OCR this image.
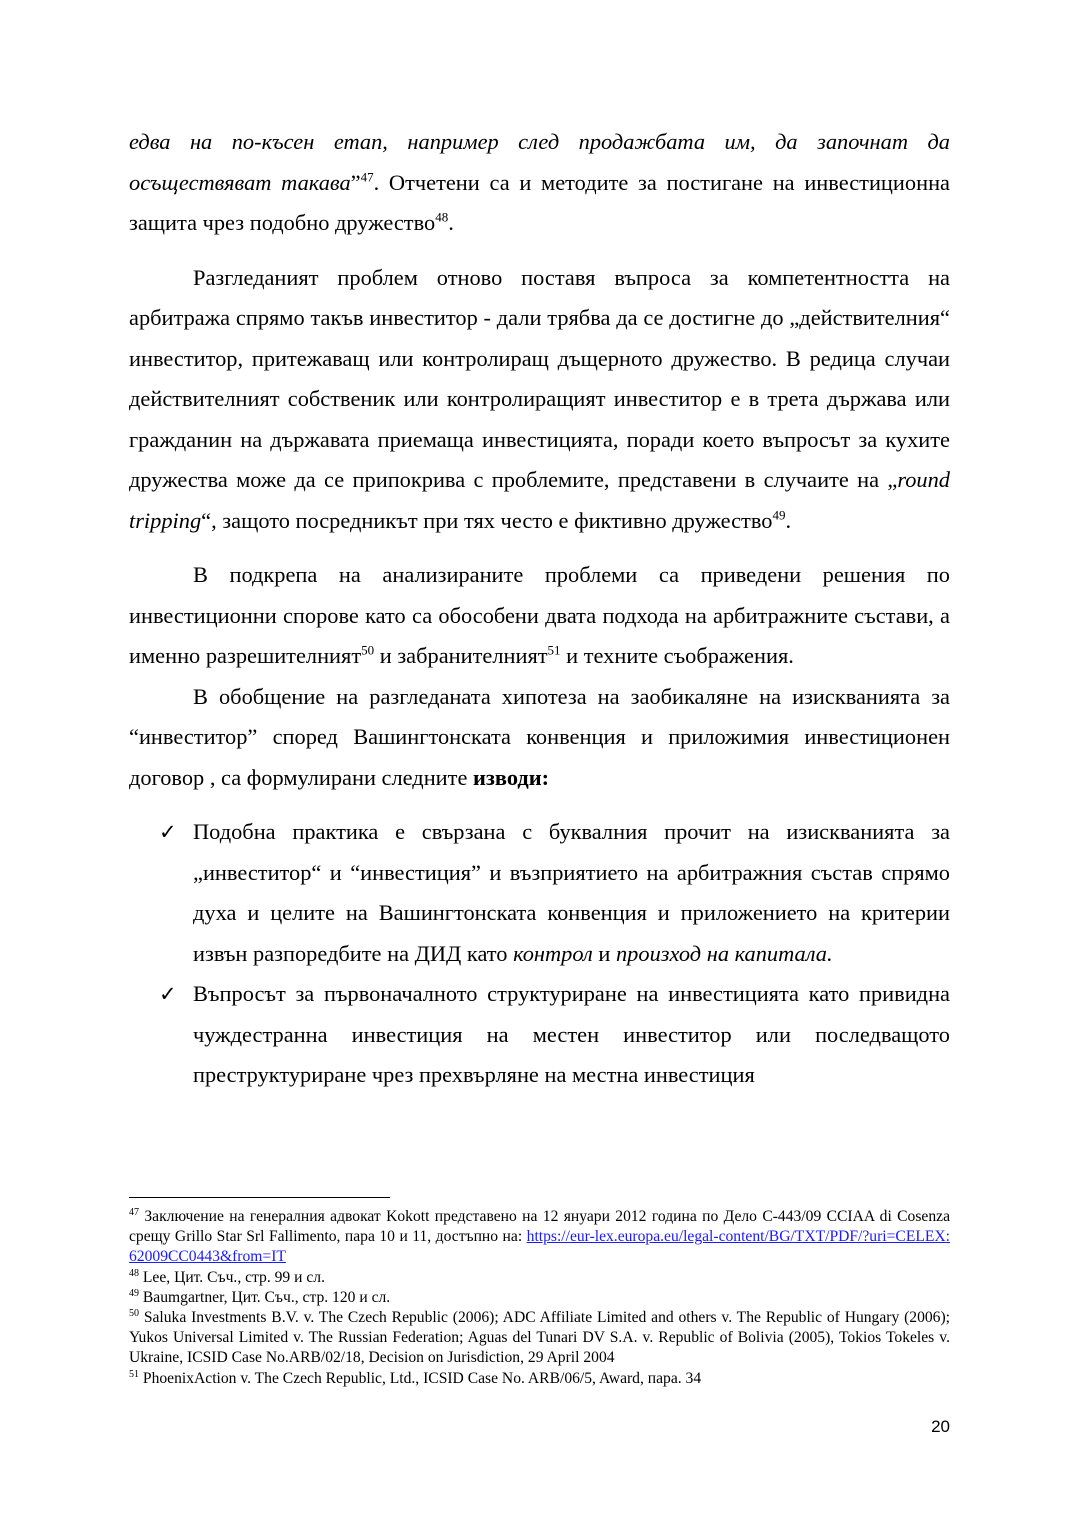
едва на по-късен етап, например след продажбата им, да започнат да осъществяват такава”$^{47}$. Отчетени са и методите за постигане на инвестиционна защита чрез подобно дружество$^{48}$.

Разгледаният проблем отново поставя въпроса за компетентността на арбитража спрямо такъв инвеститор - дали трябва да се достигне до „действителния“ инвеститор, притежаващ или контролиращ дъщерното дружество. В редица случаи действителният собственик или контролиращият инвеститор е в трета държава или гражданин на държавата приемаща инвестицията, поради което въпросът за кухите дружества може да се припокрива с проблемите, представени в случаите на „round tripping“, защото посредникът при тях често е фиктивно дружество$^{49}$.

В подкрепа на анализираните проблеми са приведени решения по инвестиционни спорове като са обособени двата подхода на арбитражните състави, а именно разрешителният$^{50}$ и забранителният$^{51}$ и техните съображения.

В обобщение на разгледаната хипотеза на заобикаляне на изискванията за “инвеститор” според Вашингтонската конвенция и приложимия инвестиционен договор , са формулирани следните изводи:

✓ Подобна практика е свързана с буквалния прочит на изискванията за „инвеститор“ и “инвестиция” и възприятието на арбитражния състав спрямо духа и целите на Вашингтонската конвенция и приложението на критерии извън разпоредбите на ДИД като контрол и произход на капитала.
✓ Въпросът за първоначалното структуриране на инвестицията като привидна чуждестранна инвестиция на местен инвеститор или последващото преструктуриране чрез прехвърляне на местна инвестиция

$^{47}$ Заключение на генералния адвокат Kokott представено на 12 януари 2012 година по Дело C-443/09 CCIAA di Cosenza срещу Grillo Star Srl Fallimento, пара 10 и 11, достъпно на: https://eur-lex.europa.eu/legal-content/BG/TXT/PDF/?uri=CELEX:62009CC0443&from=IT

$^{48}$ Lee, Цит. Съч., стр. 99 и сл.

$^{49}$ Baumgartner, Цит. Съч., стр. 120 и сл.

$^{50}$ Saluka Investments B.V. v. The Czech Republic (2006); ADC Affiliate Limited and others v. The Republic of Hungary (2006); Yukos Universal Limited v. The Russian Federation; Aguas del Tunari DV S.A. v. Republic of Bolivia (2005), Tokios Tokeles v. Ukraine, ICSID Case No.ARB/02/18, Decision on Jurisdiction, 29 April 2004

$^{51}$ PhoenixAction v. The Czech Republic, Ltd., ICSID Case No. ARB/06/5, Award, пара. 34

20
